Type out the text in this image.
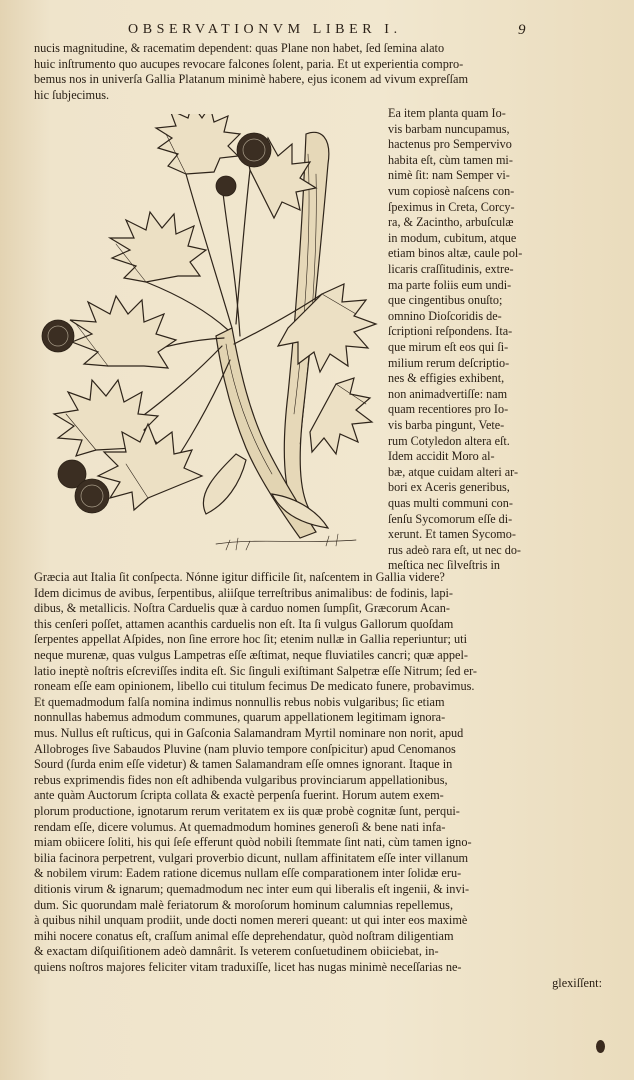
OBSERVATIONVM LIBER I.	9
nucis magnitudine, & racematim dependent: quas Plane non habet, ſed ſemina alato
huic inſtrumento quo aucupes revocare falcones ſolent, paria. Et ut experientia compro-
bemus nos in univerſa Gallia Platanum minimè habere, ejus iconem ad vivum expreſſam
hic ſubjecimus.
Ea item planta quam Io-
vis barbam nuncupamus,
hactenus pro Sempervivo
habita eſt, cùm tamen mi-
nimè ſit: nam Semper vi-
vum copiosè naſcens con-
ſpeximus in Creta, Corcy-
ra, & Zacintho, arbuſculæ
in modum, cubitum, atque
etiam binos altæ, caule pol-
licaris craſſitudinis, extre-
ma parte foliis eum undi-
que cingentibus onuſto;
omnino Dioſcoridis de-
ſcriptioni reſpondens. Ita-
que mirum eſt eos qui ſi-
milium rerum deſcriptio-
nes & effigies exhibent,
non animadvertiſſe: nam
quam recentiores pro Io-
vis barba pingunt, Vete-
rum Cotyledon altera eſt.
Idem accidit Moro al-
bæ, atque cuidam alteri ar-
bori ex Aceris generibus,
quas multi communi con-
ſenſu Sycomorum eſſe di-
xerunt. Et tamen Sycomo-
rus adeò rara eſt, ut nec do-
meſtica nec ſilveſtris in
Græcia aut Italia ſit conſpecta. Nónne igitur difficile ſit, naſcentem in Gallia videre?
Idem dicimus de avibus, ſerpentibus, aliiſque terreſtribus animalibus: de fodinis, lapi-
dibus, & metallicis. Noſtra Carduelis quæ à carduo nomen ſumpſit, Græcorum Acan-
this cenſeri poſſet, attamen acanthis carduelis non eſt. Ita ſi vulgus Gallorum quoſdam
ſerpentes appellat Aſpides, non ſine errore hoc ſit; etenim nullæ in Gallia reperiuntur; uti
neque murenæ, quas vulgus Lampetras eſſe æſtimat, neque fluviatiles cancri; quæ appel-
latio ineptè noſtris eſcreviſſes indita eſt. Sic ſinguli exiſtimant Salpetræ eſſe Nitrum; ſed er-
roneam eſſe eam opinionem, libello cui titulum fecimus De medicato funere, probavimus.
Et quemadmodum falſa nomina indimus nonnullis rebus nobis vulgaribus; ſic etiam
nonnullas habemus admodum communes, quarum appellationem legitimam ignora-
mus. Nullus eſt ruſticus, qui in Gaſconia Salamandram Myrtil nominare non norit, apud
Allobroges ſive Sabaudos Pluvine (nam pluvio tempore conſpicitur) apud Cenomanos
Sourd (ſurda enim eſſe videtur) & tamen Salamandram eſſe omnes ignorant. Itaque in
rebus exprimendis fides non eſt adhibenda vulgaribus provinciarum appellationibus,
ante quàm Auctorum ſcripta collata & exactè perpenſa fuerint. Horum autem exem-
plorum productione, ignotarum rerum veritatem ex iis quæ probè cognitæ ſunt, perqui-
rendam eſſe, dicere volumus. At quemadmodum homines generoſi & bene nati infa-
miam obiicere ſoliti, his qui ſeſe efferunt quòd nobili ſtemmate ſint nati, cùm tamen igno-
bilia facinora perpetrent, vulgari proverbio dicunt, nullam affinitatem eſſe inter villanum
& nobilem virum: Eadem ratione dicemus nullam eſſe comparationem inter ſolidæ eru-
ditionis virum & ignarum; quemadmodum nec inter eum qui liberalis eſt ingenii, & invi-
dum. Sic quorundam malè feriatorum & moroſorum hominum calumnias repellemus,
à quibus nihil unquam prodiit, unde docti nomen mereri queant: ut qui inter eos maximè
mihi nocere conatus eſt, craſſum animal eſſe deprehendatur, quòd noſtram diligentiam
& exactam diſquiſitionem adeò damnârit. Is veterem conſuetudinem obiiciebat, in-
quiens noſtros majores feliciter vitam traduxiſſe, licet has nugas minimè neceſſarias ne-
glexiſſent:
